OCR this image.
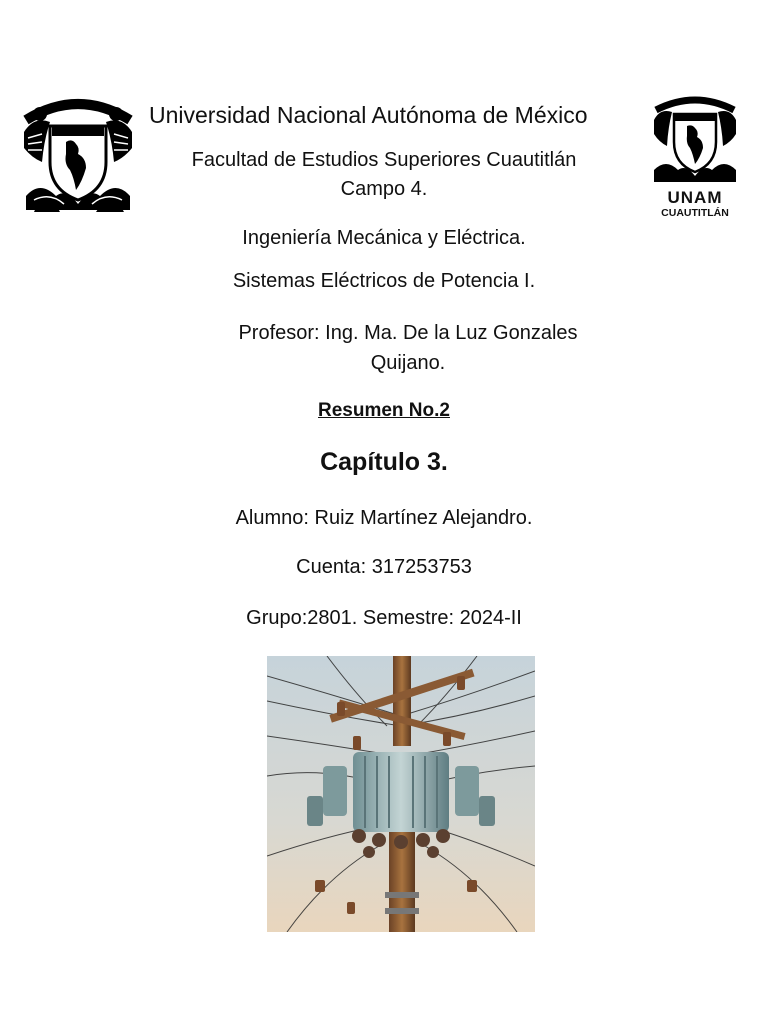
Universidad Nacional Autónoma de México
UNAM
CUAUTITLÁN
Facultad de Estudios Superiores Cuautitlán
Campo 4.
Ingeniería Mecánica y Eléctrica.
Sistemas Eléctricos de Potencia I.
Profesor: Ing. Ma. De la Luz Gonzales
Quijano.
Resumen No.2
Capítulo 3.
Alumno: Ruiz Martínez Alejandro.
Cuenta: 317253753
Grupo:2801. Semestre: 2024-II
